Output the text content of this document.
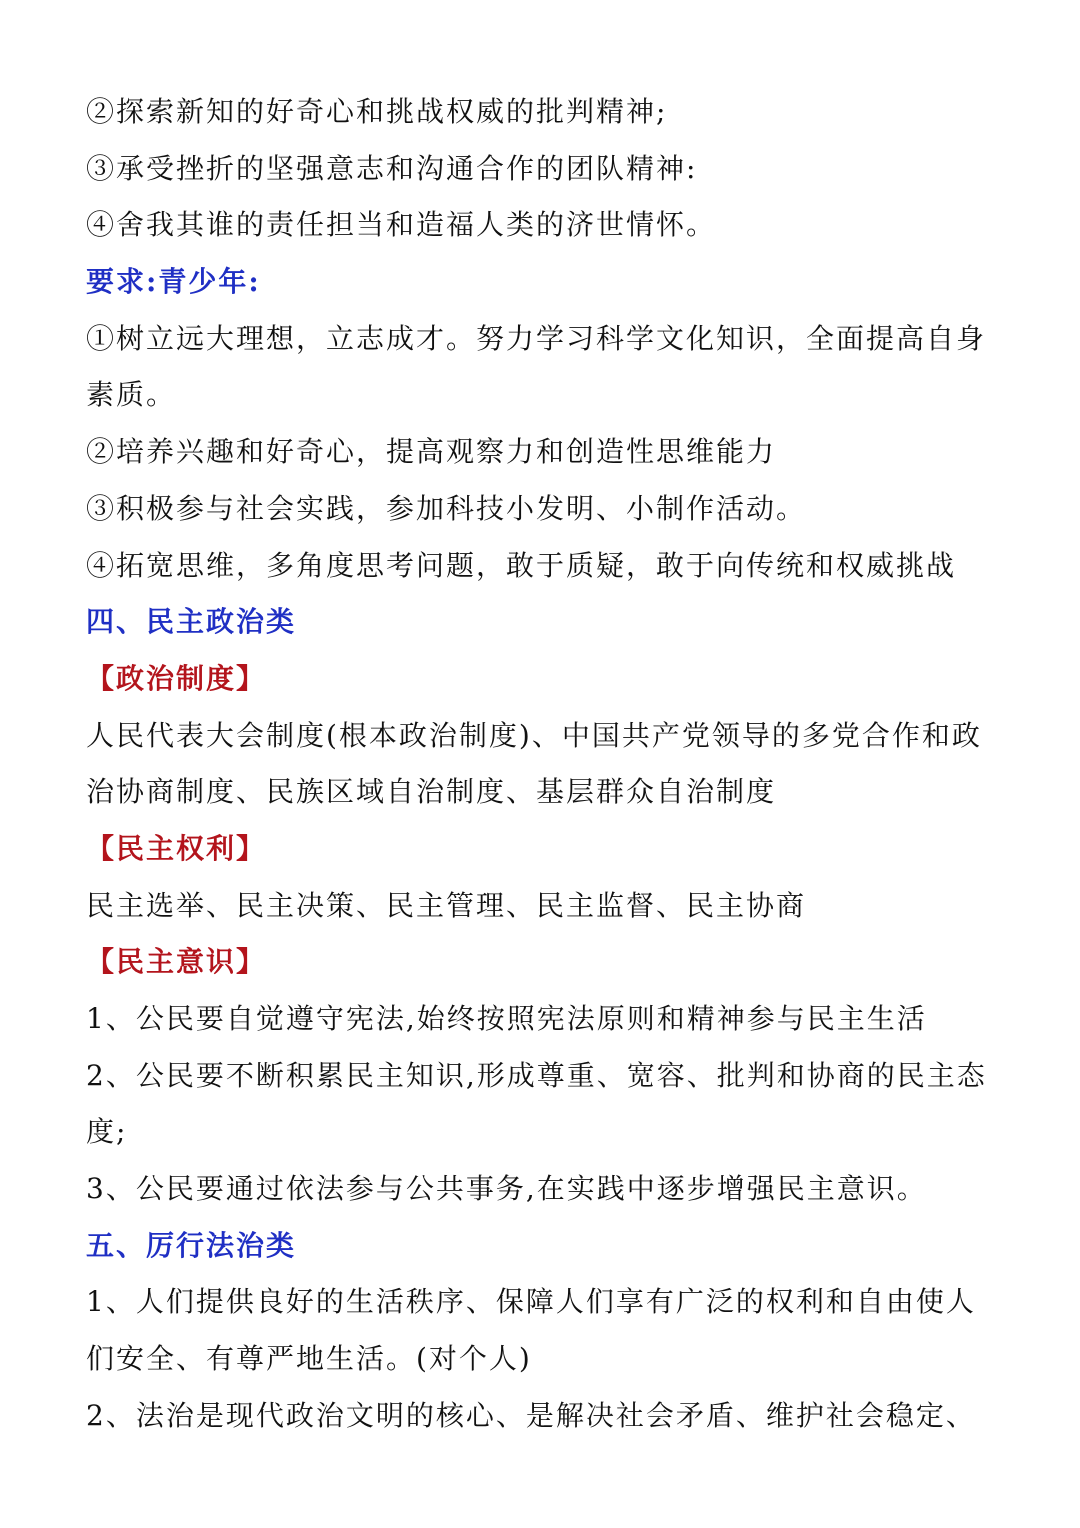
②探索新知的好奇心和挑战权威的批判精神;
③承受挫折的坚强意志和沟通合作的团队精神:
④舍我其谁的责任担当和造福人类的济世情怀。
要求:青少年:
①树立远大理想，立志成才。努力学习科学文化知识，全面提高自身
素质。
②培养兴趣和好奇心，提高观察力和创造性思维能力
③积极参与社会实践，参加科技小发明、小制作活动。
④拓宽思维，多角度思考问题，敢于质疑，敢于向传统和权威挑战
四、民主政治类
【政治制度】
人民代表大会制度(根本政治制度)、中国共产党领导的多党合作和政
治协商制度、民族区域自治制度、基层群众自治制度
【民主权利】
民主选举、民主决策、民主管理、民主监督、民主协商
【民主意识】
1、公民要自觉遵守宪法,始终按照宪法原则和精神参与民主生活
2、公民要不断积累民主知识,形成尊重、宽容、批判和协商的民主态
度;
3、公民要通过依法参与公共事务,在实践中逐步增强民主意识。
五、厉行法治类
1、人们提供良好的生活秩序、保障人们享有广泛的权利和自由使人
们安全、有尊严地生活。(对个人)
2、法治是现代政治文明的核心、是解决社会矛盾、维护社会稳定、
